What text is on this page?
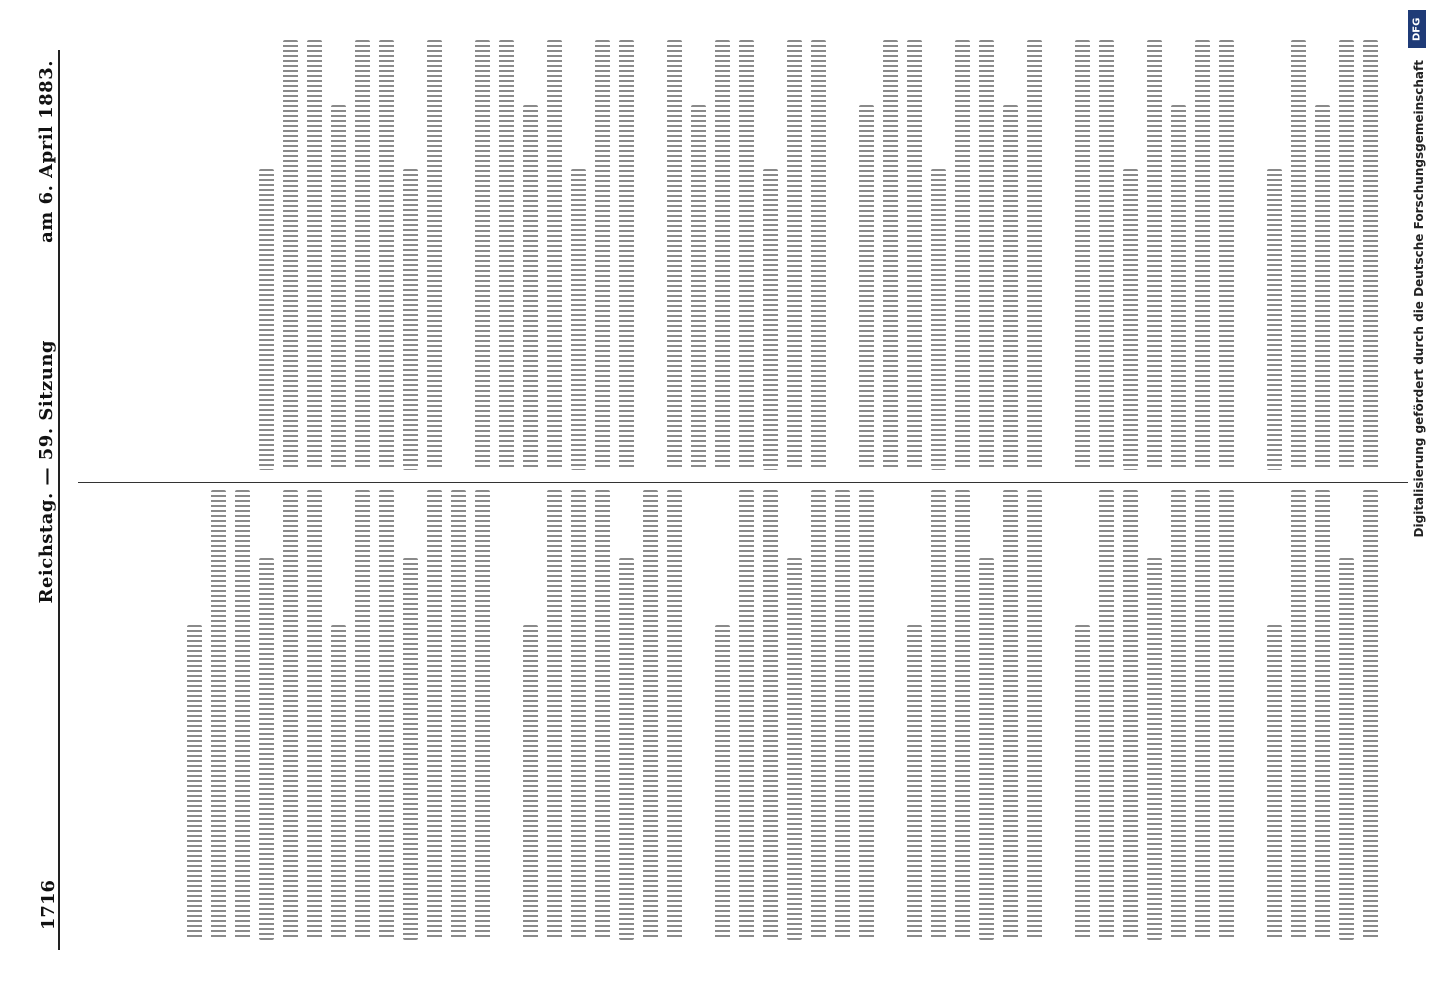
1716
Reichstag. — 59. Sitzung
am 6. April 1883.
DFG
Digitalisierung gefördert durch die Deutsche Forschungsgemeinschaft
